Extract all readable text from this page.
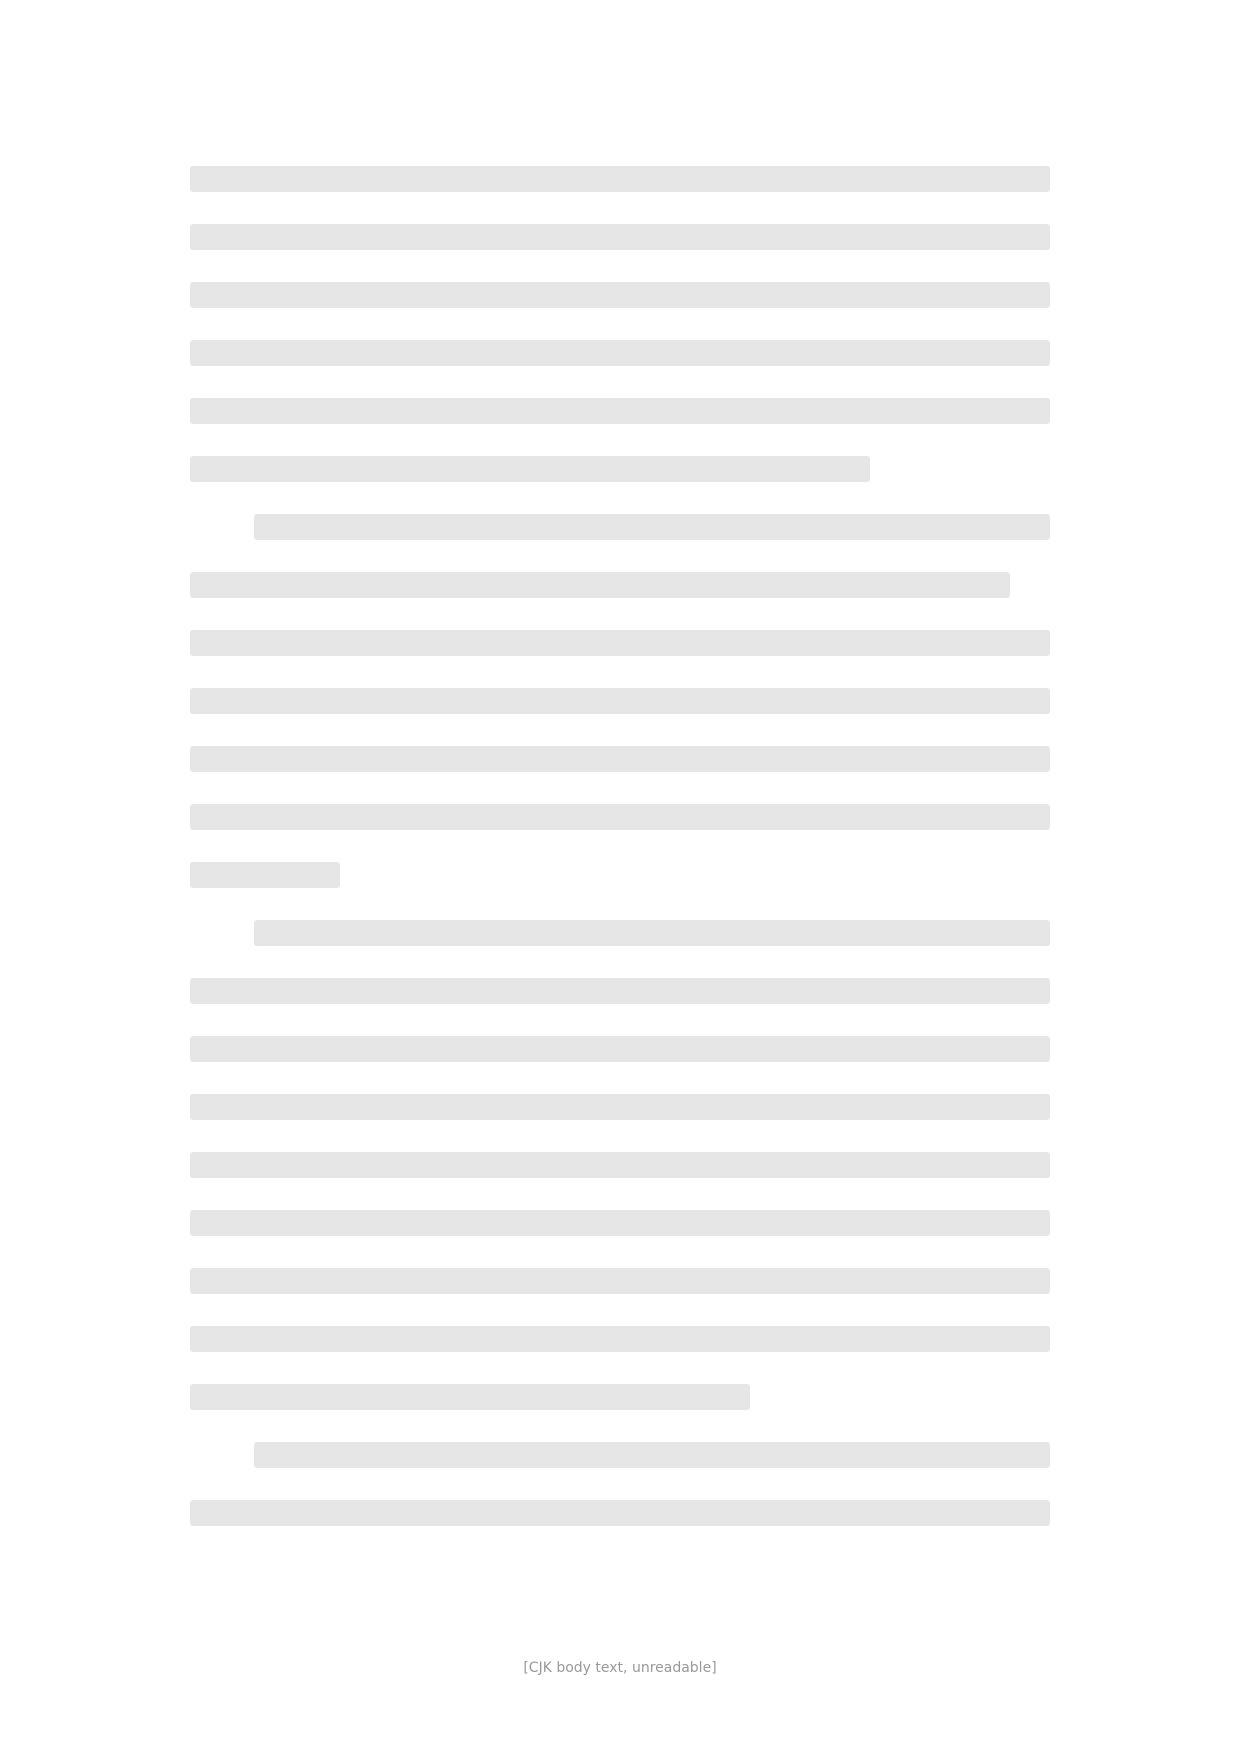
[CJK body text, unreadable]
